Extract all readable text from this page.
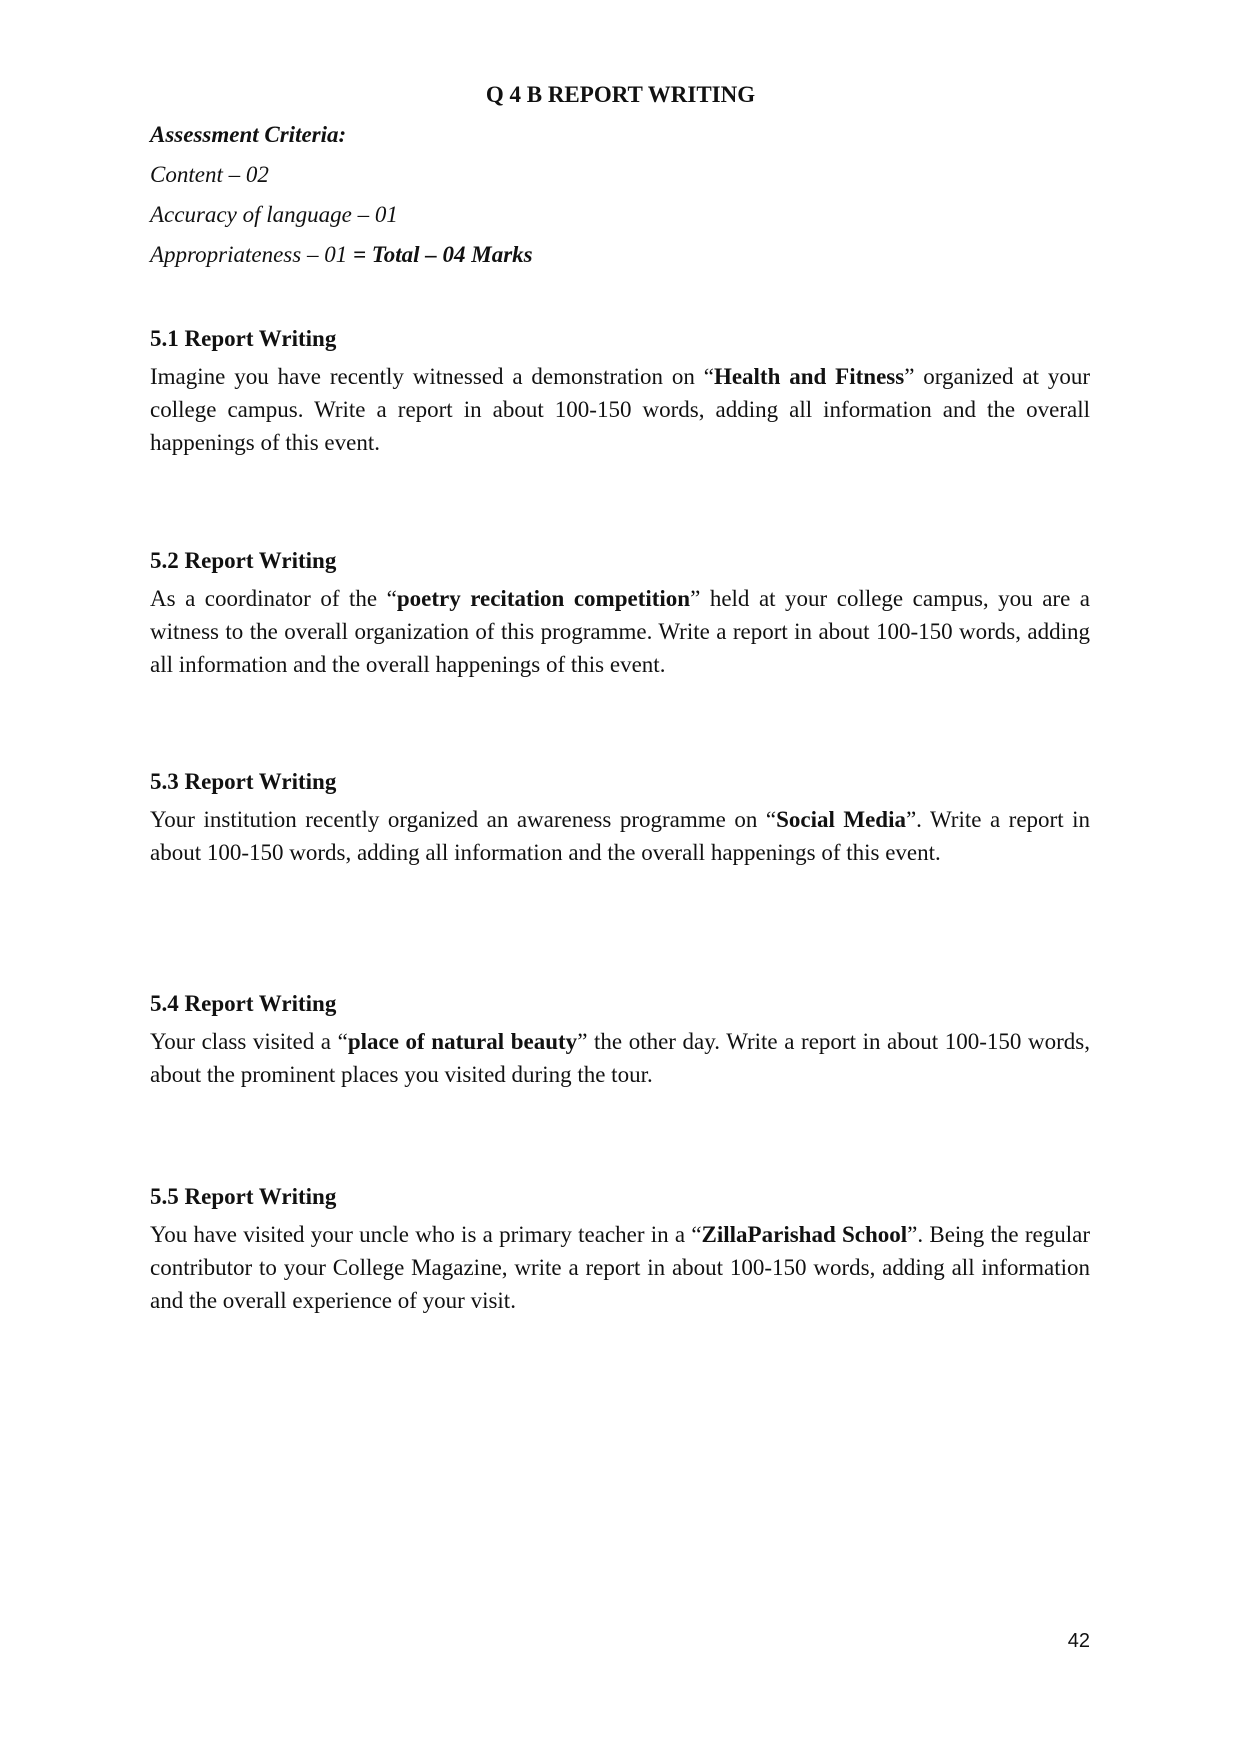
Q 4 B REPORT WRITING
Assessment Criteria:
Content – 02
Accuracy of language – 01
Appropriateness – 01 = Total – 04 Marks
5.1 Report Writing
Imagine you have recently witnessed a demonstration on “Health and Fitness” organized at your college campus. Write a report in about 100-150 words, adding all information and the overall happenings of this event.
5.2 Report Writing
As a coordinator of the “poetry recitation competition” held at your college campus, you are a witness to the overall organization of this programme. Write a report in about 100-150 words, adding all information and the overall happenings of this event.
5.3 Report Writing
Your institution recently organized an awareness programme on “Social Media”. Write a report in about 100-150 words, adding all information and the overall happenings of this event.
5.4 Report Writing
Your class visited a “place of natural beauty” the other day. Write a report in about 100-150 words, about the prominent places you visited during the tour.
5.5 Report Writing
You have visited your uncle who is a primary teacher in a “ZillaParishad School”. Being the regular contributor to your College Magazine, write a report in about 100-150 words, adding all information and the overall experience of your visit.
42
